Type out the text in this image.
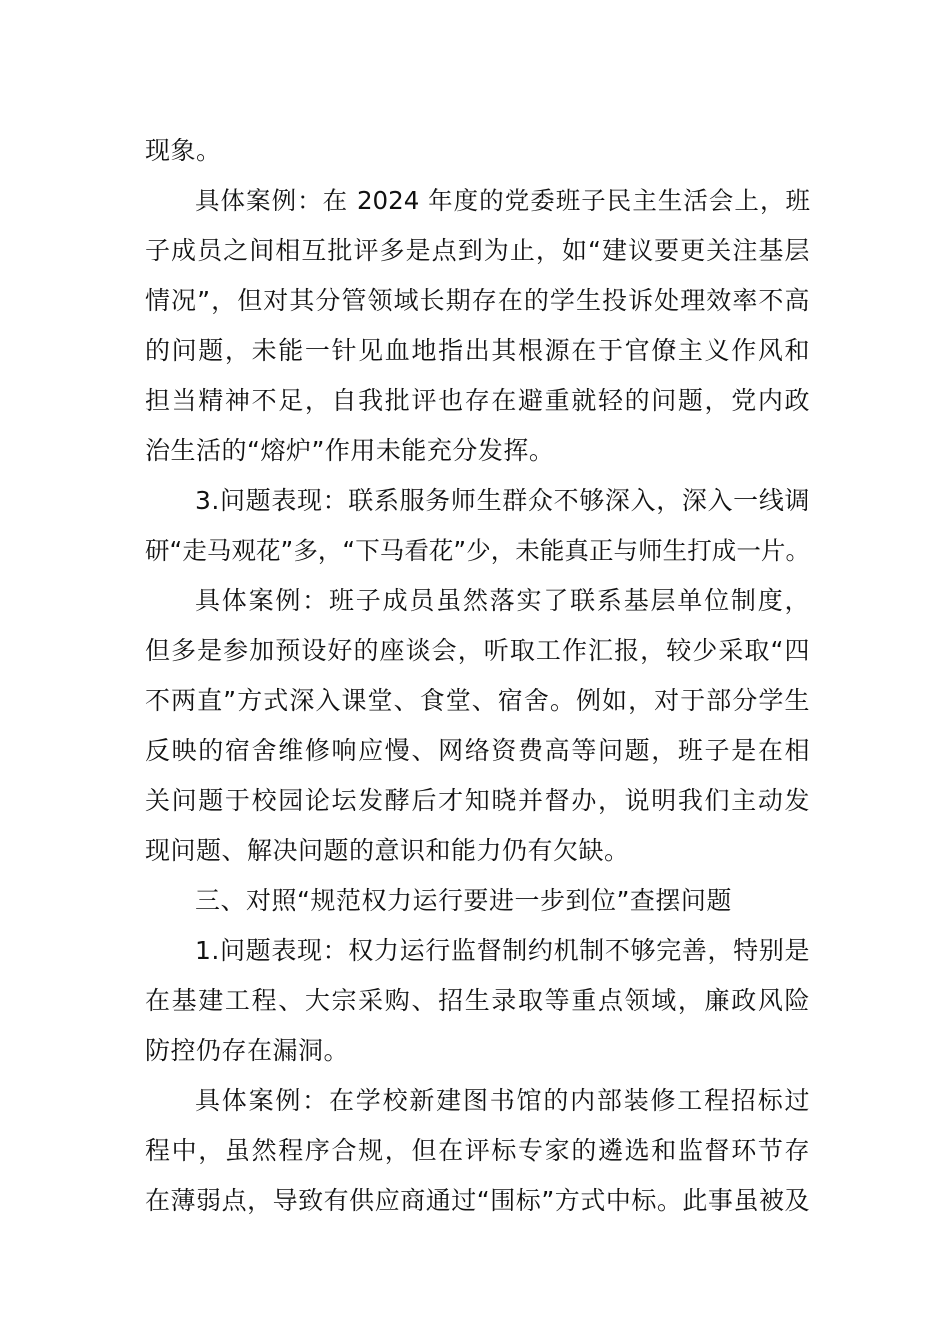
现象。
具体案例：在 2024 年度的党委班子民主生活会上，班
子成员之间相互批评多是点到为止，如“建议要更关注基层
情况”，但对其分管领域长期存在的学生投诉处理效率不高
的问题，未能一针见血地指出其根源在于官僚主义作风和
担当精神不足，自我批评也存在避重就轻的问题，党内政
治生活的“熔炉”作用未能充分发挥。
3.问题表现：联系服务师生群众不够深入，深入一线调
研“走马观花”多，“下马看花”少，未能真正与师生打成一片。
具体案例：班子成员虽然落实了联系基层单位制度，
但多是参加预设好的座谈会，听取工作汇报，较少采取“四
不两直”方式深入课堂、食堂、宿舍。例如，对于部分学生
反映的宿舍维修响应慢、网络资费高等问题，班子是在相
关问题于校园论坛发酵后才知晓并督办，说明我们主动发
现问题、解决问题的意识和能力仍有欠缺。
三、对照“规范权力运行要进一步到位”查摆问题
1.问题表现：权力运行监督制约机制不够完善，特别是
在基建工程、大宗采购、招生录取等重点领域，廉政风险
防控仍存在漏洞。
具体案例：在学校新建图书馆的内部装修工程招标过
程中，虽然程序合规，但在评标专家的遴选和监督环节存
在薄弱点，导致有供应商通过“围标”方式中标。此事虽被及
